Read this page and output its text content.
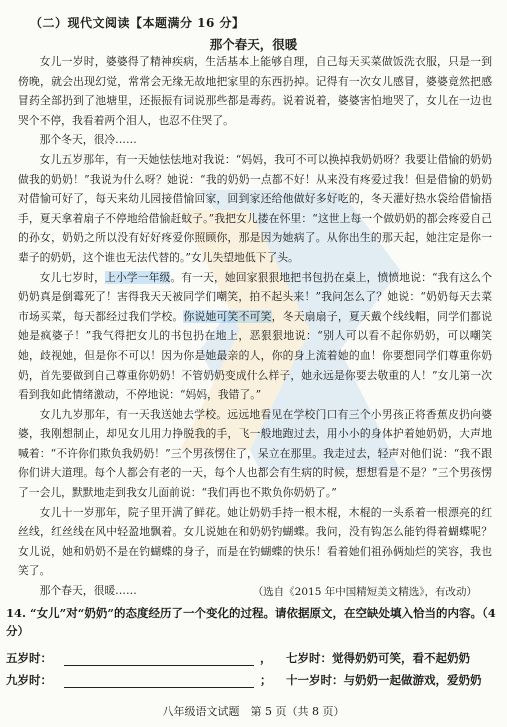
（二）现代文阅读【本题满分 16 分】
那个春天，很暖

女儿一岁时，婆婆得了精神疾病，生活基本上能够自理，自己每天买菜做饭洗衣服，只是一到傍晚，就会出现幻觉，常常会无缘无故地把家里的东西扔掉。记得有一次女儿感冒，婆婆竟然把感冒药全部扔到了池塘里，还振振有词说那些都是毒药。说着说着，婆婆害怕地哭了，女儿在一边也哭个不停，我看着两个泪人，也忍不住哭了。

那个冬天，很冷……

女儿五岁那年，有一天她怯怯地对我说：“妈妈，我可不可以换掉我奶奶呀？我要让借愉的奶奶做我的奶奶！”我说为什么呀？她说：“我的奶奶一点都不好！从来没有疼爱过我！但是借愉的奶奶对借愉可好了，每天来幼儿园接借愉回家，回到家还给他做好多好吃的，冬天灌好热水袋给借愉捂手，夏天拿着扇子不停地给借愉赶蚊子。”我把女儿搂在怀里：“这世上每一个做奶奶的都会疼爱自己的孙女，奶奶之所以没有好好疼爱你照顾你，那是因为她病了。从你出生的那天起，她注定是你一辈子的奶奶，这个谁也无法代替的。”女儿失望地低下了头。

女儿七岁时，上小学一年级。有一天，她回家狠狠地把书包扔在桌上，愤愤地说：“我有这么个奶奶真是倒霉死了！害得我天天被同学们嘲笑，拍不起头来！”我问怎么了？她说：“奶奶每天去菜市场买菜，每天都经过我们学校。你说她可笑不可笑，冬天扇扇子，夏天戴个线线帽，同学们都说她是疯婆子！”我气得把女儿的书包扔在地上，恶狠狠地说：“别人可以看不起你奶奶，可以嘲笑她，歧视她，但是你不可以！因为你是她最亲的人，你的身上流着她的血！你要想同学们尊重你奶奶，首先要做到自己尊重你奶奶！不管奶奶变成什么样子，她永远是你要去敬重的人！”女儿第一次看到我如此情绪激动，不停地说：“妈妈，我错了。”

女儿九岁那年，有一天我送她去学校。远远地看见在学校门口有三个小男孩正将香蕉皮扔向婆婆，我刚想制止，却见女儿用力挣脱我的手，飞一般地跑过去，用小小的身体护着她奶奶，大声地喊着：“不许你们欺负我奶奶！”三个男孩愣住了，呆立在那里。我走过去，轻声对他们说：“我不跟你们讲大道理。每个人都会有老的一天，每个人也都会有生病的时候，想想看是不是？”三个男孩愣了一会儿，默默地走到我女儿面前说：“我们再也不欺负你奶奶了。”

女儿十一岁那年，院子里开满了鲜花。她让奶奶手持一根木棍，木棍的一头系着一根漂亮的红丝线，红丝线在风中轻盈地飘着。女儿说她在和奶奶钓蝴蝶。我问，没有钩怎么能钓得着蝴蝶呢？女儿说，她和奶奶不是在钓蝴蝶的身子，而是在钓蝴蝶的快乐！看着她们祖孙俩灿烂的笑容，我也笑了。

那个春天，很暖……	（选自《2015 年中国精短美文精选》，有改动）
14. “女儿”对“奶奶”的态度经历了一个变化的过程。请依据原文，在空缺处填入恰当的内容。（4 分）
五岁时：	， 七岁时：觉得奶奶可笑，看不起奶奶
九岁时：	； 十一岁时：与奶奶一起做游戏，爱奶奶
八年级语文试题　第 5 页（共 8 页）
